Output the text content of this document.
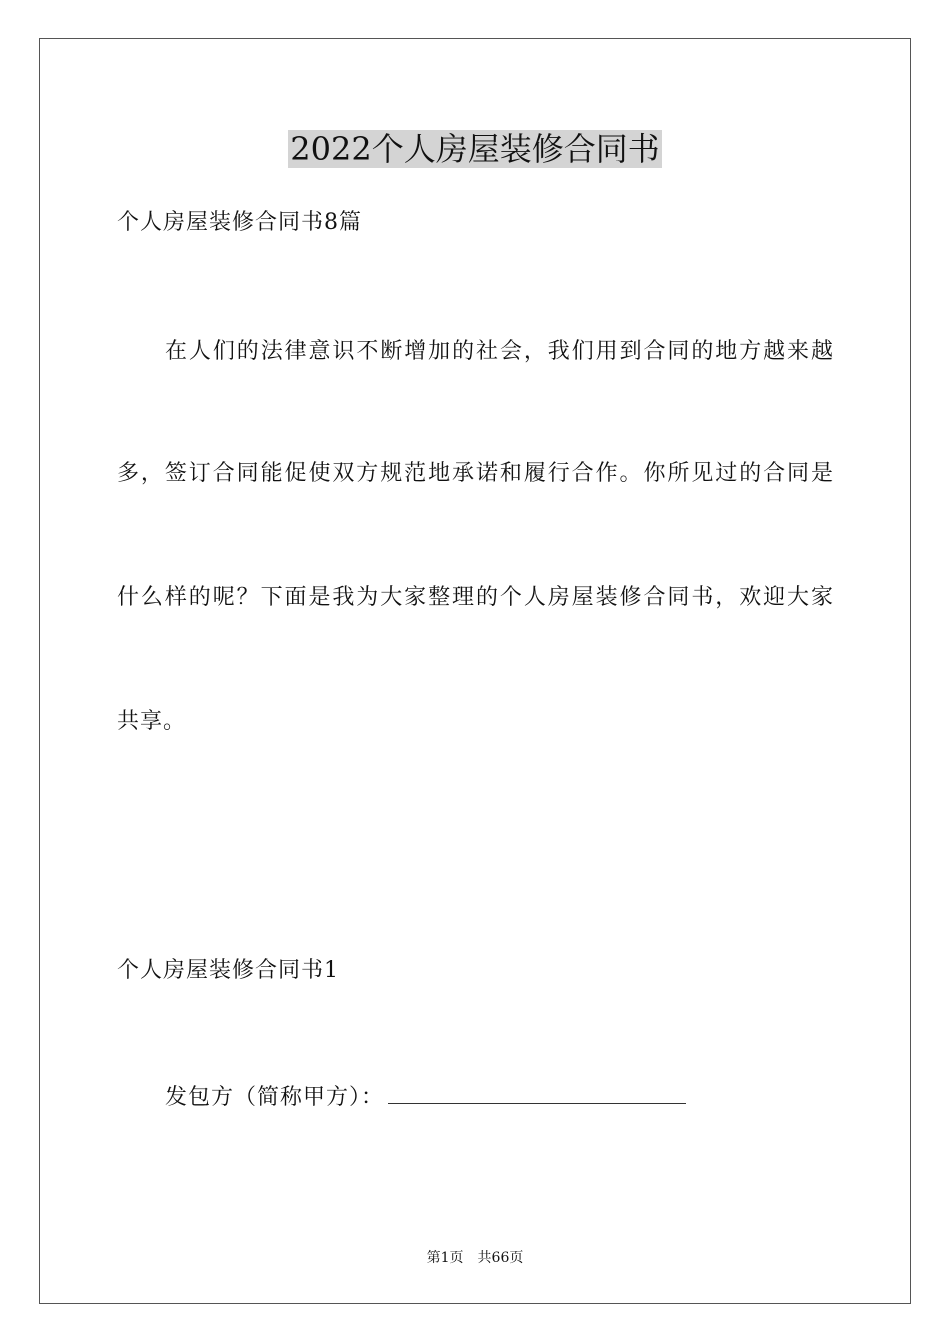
2022个人房屋装修合同书
个人房屋装修合同书8篇
在人们的法律意识不断增加的社会，我们用到合同的地方越来越
多，签订合同能促使双方规范地承诺和履行合作。你所见过的合同是
什么样的呢？下面是我为大家整理的个人房屋装修合同书，欢迎大家
共享。
个人房屋装修合同书1
发包方（简称甲方）：
第1页 共66页
